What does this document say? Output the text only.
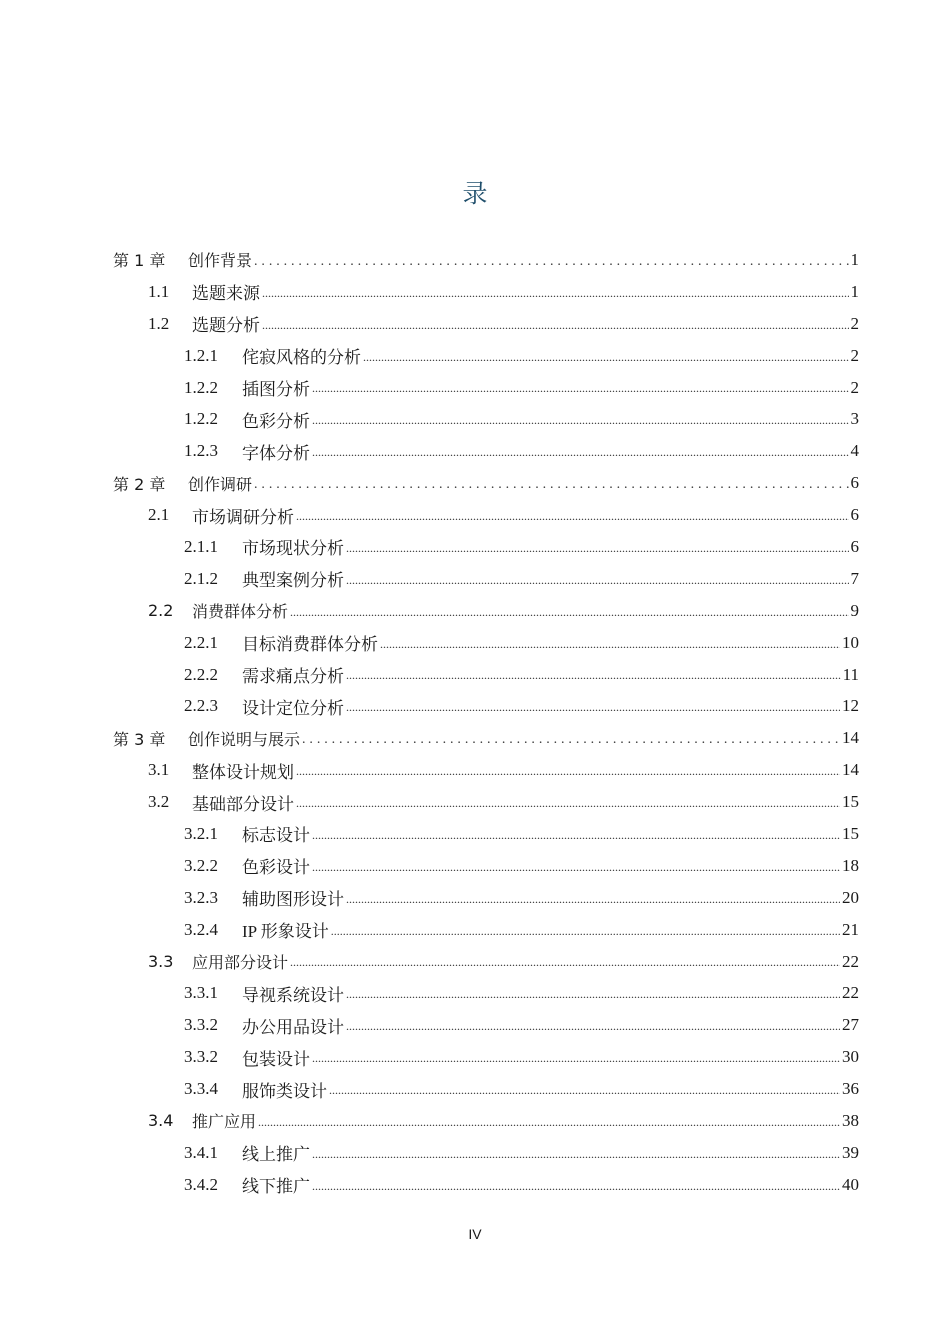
录
第 1 章	创作背景 . . .	1
1.1	选题来源 .....	1
1.2	选题分析 .....	2
1.2.1	侘寂风格的分析 .....	2
1.2.2	插图分析 .....	2
1.2.2	色彩分析 .....	3
1.2.3	字体分析 .....	4
第 2 章	创作调研 . . .	6
2.1	市场调研分析 .....	6
2.1.1	市场现状分析 .....	6
2.1.2	典型案例分析 .....	7
2.2	消费群体分析 .....	9
2.2.1	目标消费群体分析 .....	10
2.2.2	需求痛点分析 .....	11
2.2.3	设计定位分析 .....	12
第 3 章	创作说明与展示 . . .	14
3.1	整体设计规划 .....	14
3.2	基础部分设计 .....	15
3.2.1	标志设计 .....	15
3.2.2	色彩设计 .....	18
3.2.3	辅助图形设计 .....	20
3.2.4	IP 形象设计 .....	21
3.3	应用部分设计 .....	22
3.3.1	导视系统设计 .....	22
3.3.2	办公用品设计 .....	27
3.3.2	包装设计 .....	30
3.3.4	服饰类设计 .....	36
3.4	推广应用 .....	38
3.4.1	线上推广 .....	39
3.4.2	线下推广 .....	40
IV
